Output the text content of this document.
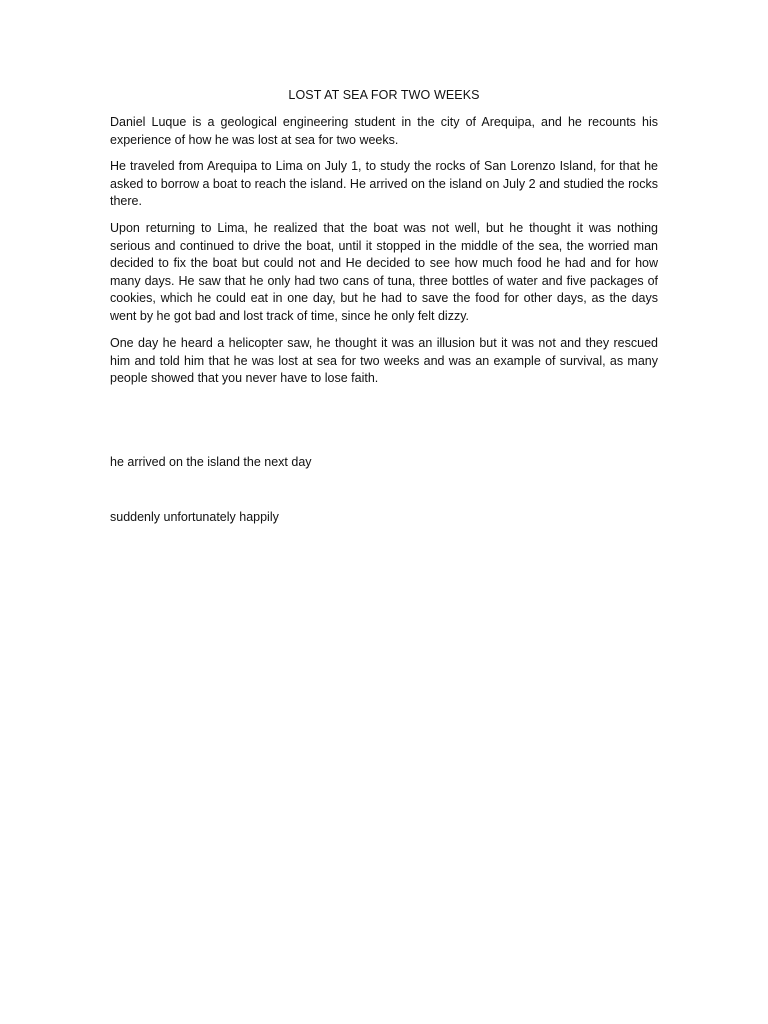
LOST AT SEA FOR TWO WEEKS

Daniel Luque is a geological engineering student in the city of Arequipa, and he recounts his experience of how he was lost at sea for two weeks.

He traveled from Arequipa to Lima on July 1, to study the rocks of San Lorenzo Island, for that he asked to borrow a boat to reach the island. He arrived on the island on July 2 and studied the rocks there.

Upon returning to Lima, he realized that the boat was not well, but he thought it was nothing serious and continued to drive the boat, until it stopped in the middle of the sea, the worried man decided to fix the boat but could not and He decided to see how much food he had and for how many days. He saw that he only had two cans of tuna, three bottles of water and five packages of cookies, which he could eat in one day, but he had to save the food for other days, as the days went by he got bad and lost track of time, since he only felt dizzy.

One day he heard a helicopter saw, he thought it was an illusion but it was not and they rescued him and told him that he was lost at sea for two weeks and was an example of survival, as many people showed that you never have to lose faith.

he arrived on the island the next day
suddenly unfortunately happily
